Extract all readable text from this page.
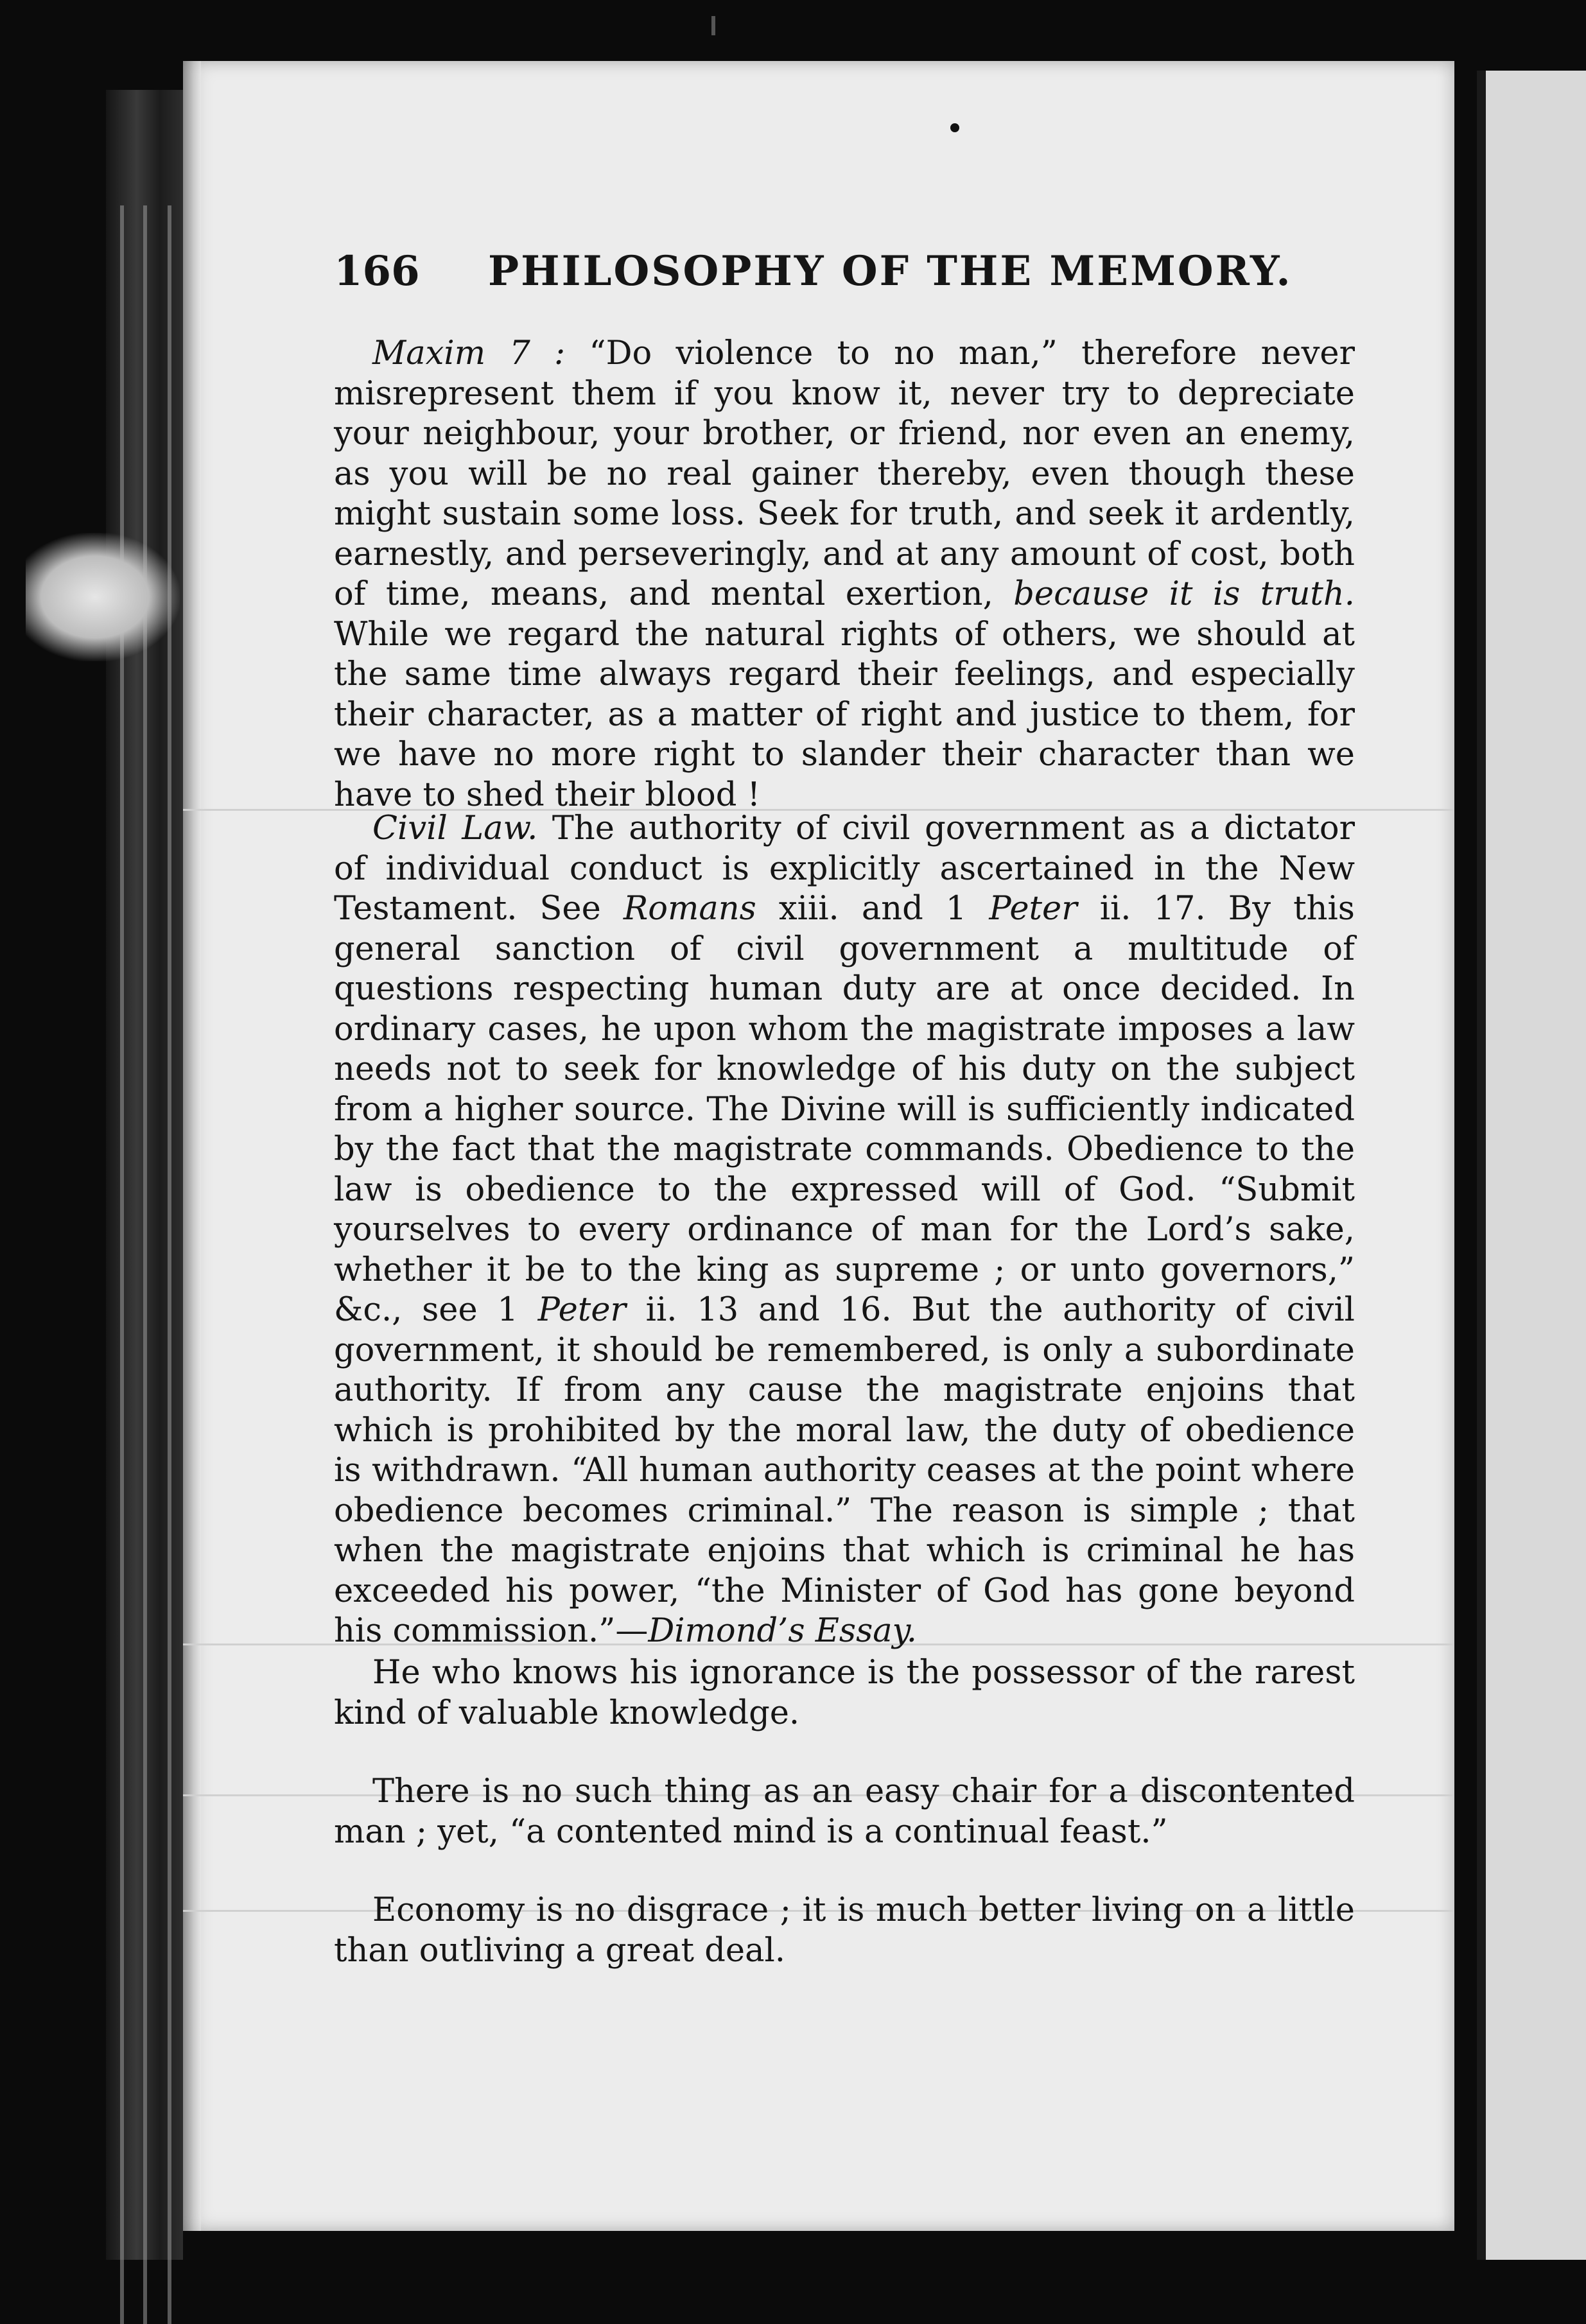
166 PHILOSOPHY OF THE MEMORY.
Maxim 7 : “Do violence to no man,” therefore never misrepresent them if you know it, never try to depreciate your neighbour, your brother, or friend, nor even an enemy, as you will be no real gainer thereby, even though these might sustain some loss. Seek for truth, and seek it ardently, earnestly, and perseveringly, and at any amount of cost, both of time, means, and mental exertion, because it is truth. While we regard the natural rights of others, we should at the same time always regard their feelings, and especially their character, as a matter of right and justice to them, for we have no more right to slander their character than we have to shed their blood !
Civil Law. The authority of civil government as a dictator of individual conduct is explicitly ascertained in the New Testament. See Romans xiii. and 1 Peter ii. 17. By this general sanction of civil government a multitude of questions respecting human duty are at once decided. In ordinary cases, he upon whom the magistrate imposes a law needs not to seek for knowledge of his duty on the subject from a higher source. The Divine will is sufficiently indicated by the fact that the magistrate commands. Obedience to the law is obedience to the expressed will of God. “Submit yourselves to every ordinance of man for the Lord’s sake, whether it be to the king as supreme ; or unto governors,” &c., see 1 Peter ii. 13 and 16. But the authority of civil government, it should be remembered, is only a subordinate authority. If from any cause the magistrate enjoins that which is prohibited by the moral law, the duty of obedience is withdrawn. “All human authority ceases at the point where obedience becomes criminal.” The reason is simple ; that when the magistrate enjoins that which is criminal he has exceeded his power, “the Minister of God has gone beyond his commission.”—Dimond’s Essay.
He who knows his ignorance is the possessor of the rarest kind of valuable knowledge.
There is no such thing as an easy chair for a discontented man ; yet, “a contented mind is a continual feast.”
Economy is no disgrace ; it is much better living on a little than outliving a great deal.
